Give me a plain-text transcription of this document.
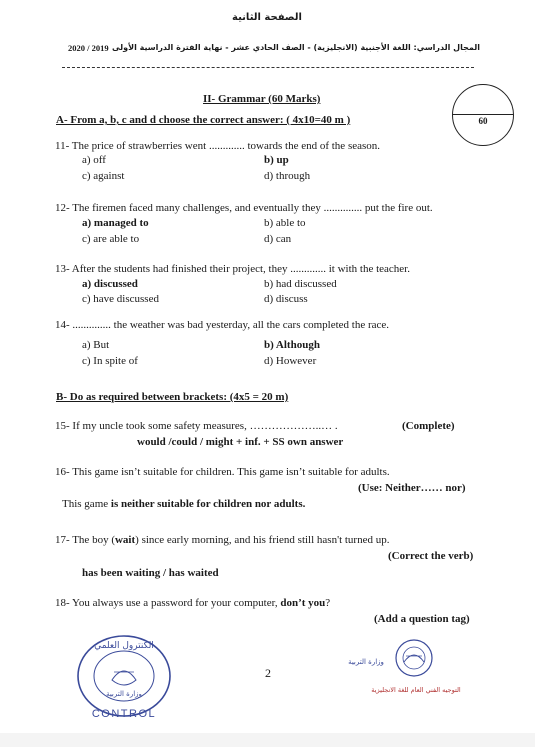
الصفحة الثانية
المجال الدراسي: اللغة الأجنبية (الانجليزية) - الصف الحادي عشر - نهاية الفترة الدراسية الأولى
2020 / 2019
60
II- Grammar (60 Marks)
A- From a, b, c and d choose the correct answer: ( 4x10=40 m )
11- The price of strawberries went ............. towards the end of the season.
a) off	b) up
c) against	d) through
12- The firemen faced many challenges, and eventually they .............. put the fire out.
a) managed to	b) able to
c) are able to	d) can
13- After the students had finished their project, they ............. it with the teacher.
a) discussed	b) had discussed
c) have discussed	d) discuss
14- .............. the weather was bad yesterday, all the cars completed the race.
a) But	b) Although
c) In spite of	d) However
B- Do as required between brackets: (4x5 = 20 m)
15- If my uncle took some safety measures, ………………..… .	(Complete)
would /could / might + inf. + SS own answer
16- This game isn’t suitable for children. This game isn’t suitable for adults.
(Use: Neither…… nor)
This game is neither suitable for children nor adults.
17- The boy (wait) since early morning, and his friend still hasn't turned up.
(Correct the verb)
has been waiting / has waited
18- You always use a password for your computer, don’t you?
(Add a question tag)
الكنترول العلمي
وزارة التربية
CONTROL
2
وزارة التربية
التوجيه الفني العام للغة الانجليزية
